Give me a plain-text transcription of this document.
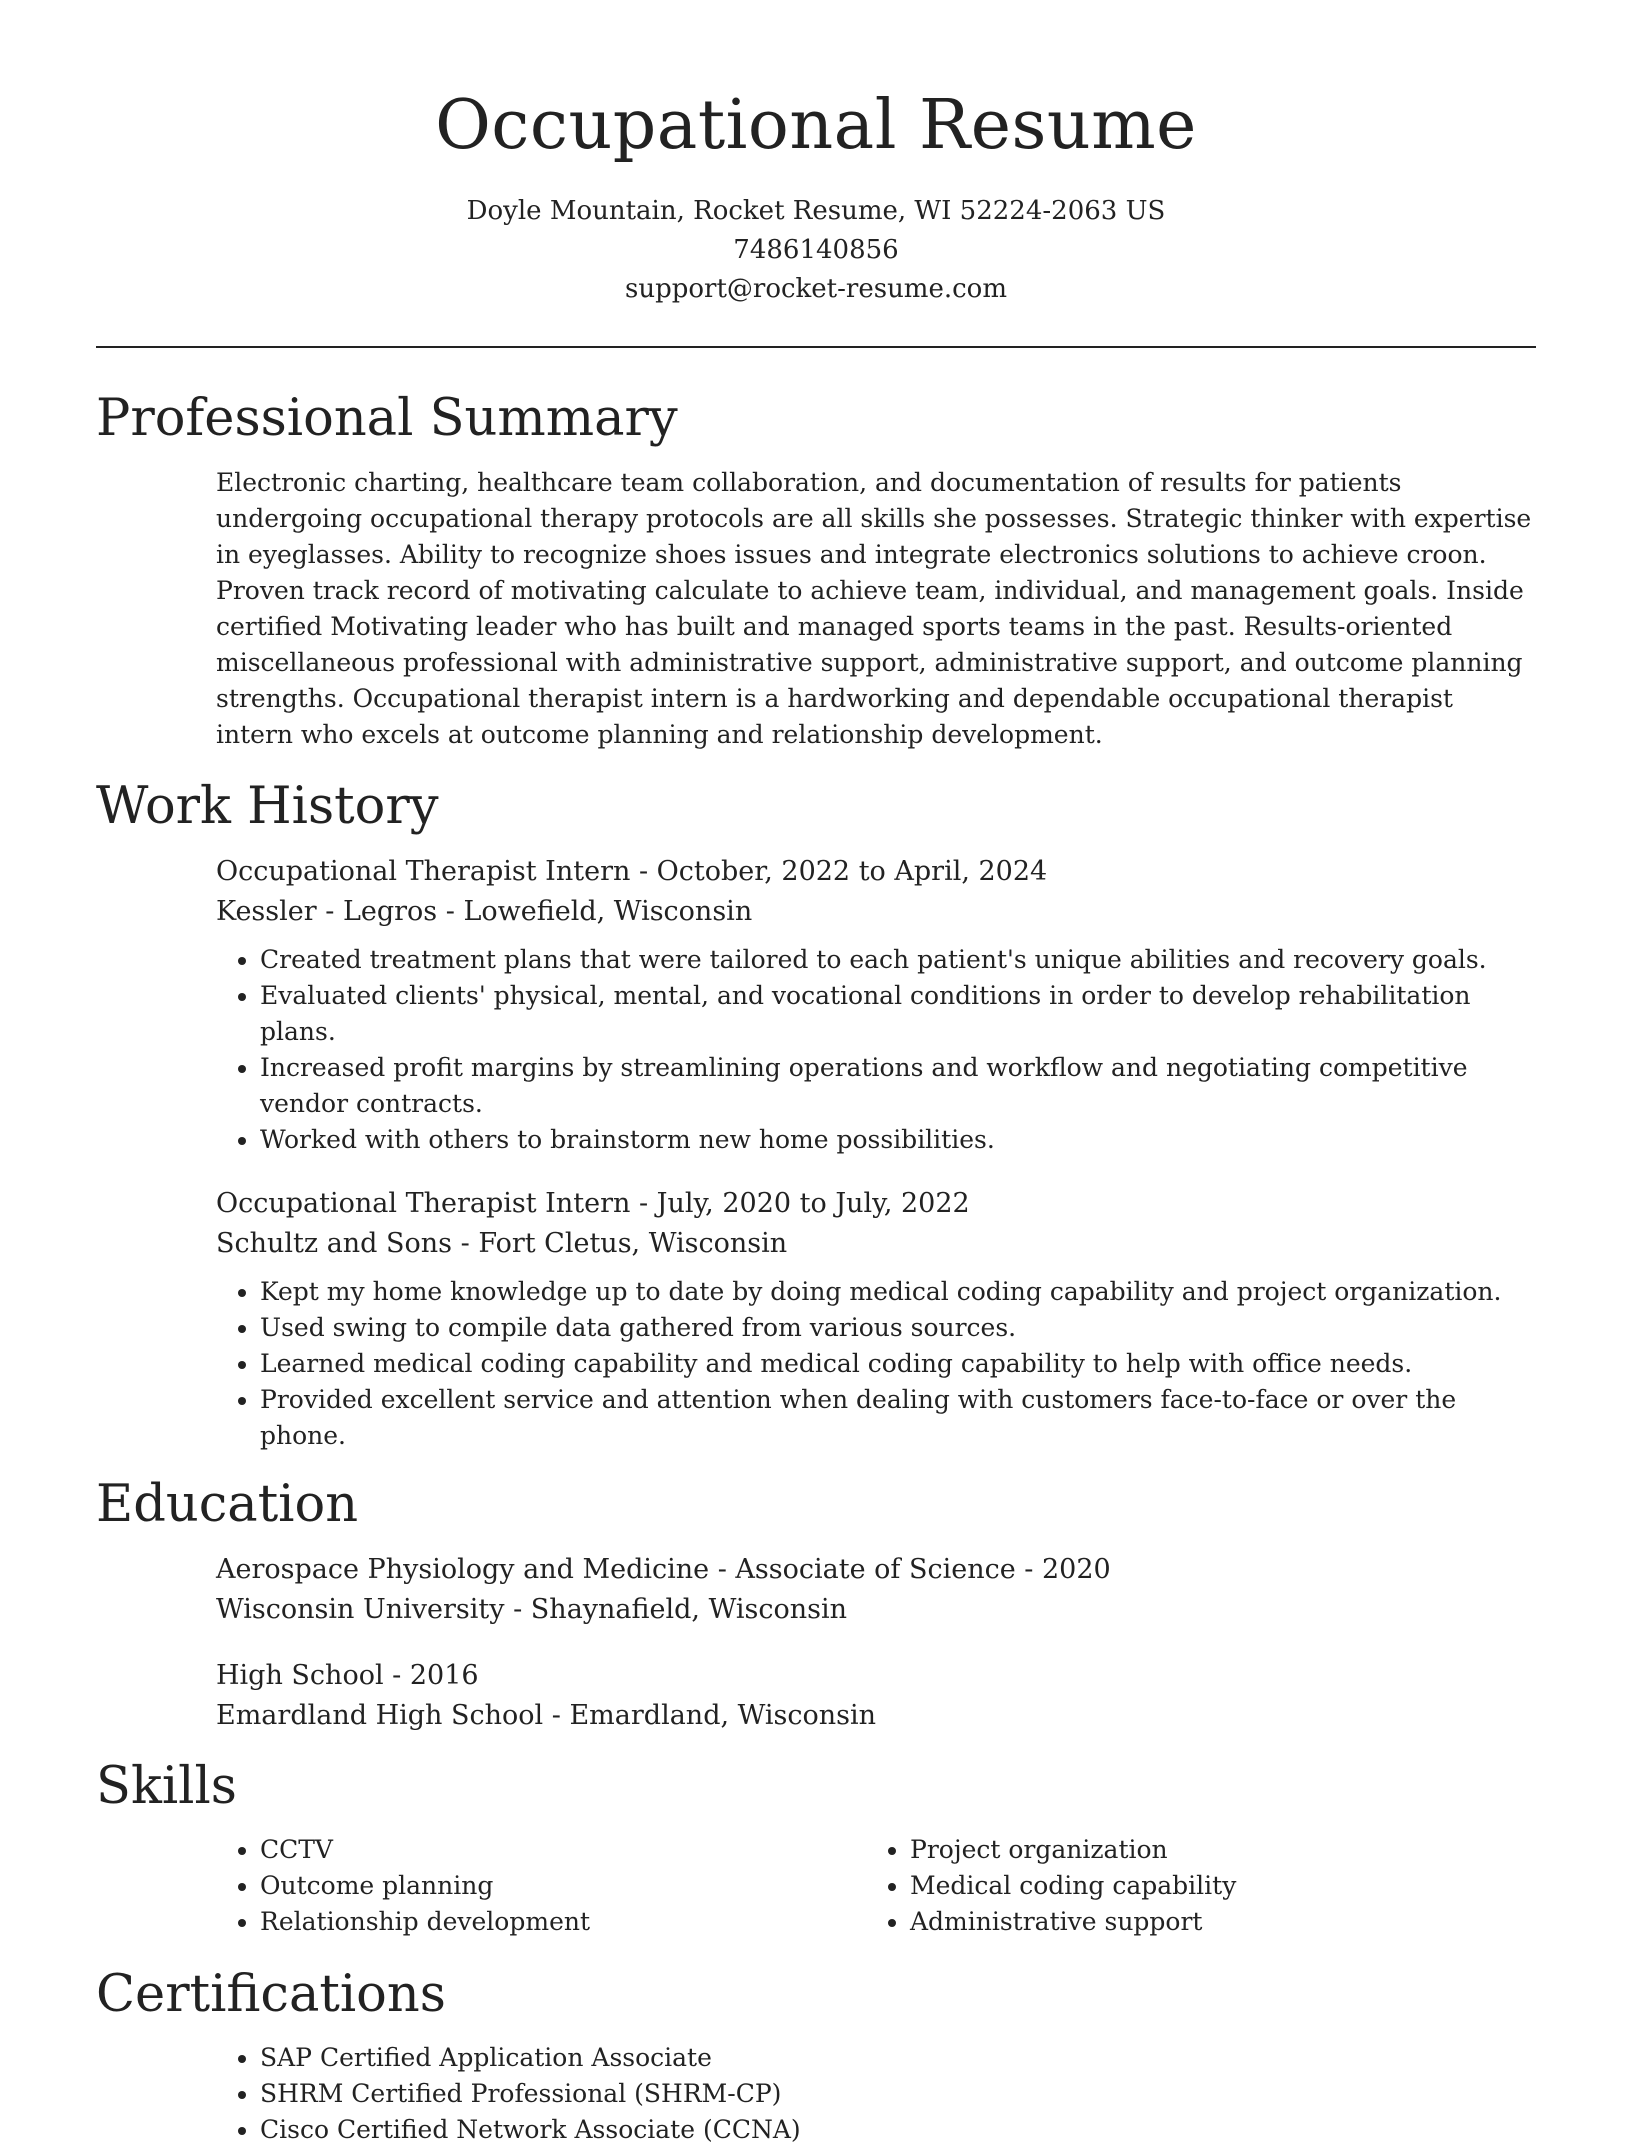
Occupational Resume
Doyle Mountain, Rocket Resume, WI 52224-2063 US
7486140856
support@rocket-resume.com
Professional Summary

Electronic charting, healthcare team collaboration, and documentation of results for patients undergoing occupational therapy protocols are all skills she possesses. Strategic thinker with expertise in eyeglasses. Ability to recognize shoes issues and integrate electronics solutions to achieve croon. Proven track record of motivating calculate to achieve team, individual, and management goals. Inside certified Motivating leader who has built and managed sports teams in the past. Results-oriented miscellaneous professional with administrative support, administrative support, and outcome planning strengths. Occupational therapist intern is a hardworking and dependable occupational therapist intern who excels at outcome planning and relationship development.

Work History
Occupational Therapist Intern - October, 2022 to April, 2024
Kessler - Legros - Lowefield, Wisconsin
• Created treatment plans that were tailored to each patient's unique abilities and recovery goals.
• Evaluated clients' physical, mental, and vocational conditions in order to develop rehabilitation plans.
• Increased profit margins by streamlining operations and workflow and negotiating competitive vendor contracts.
• Worked with others to brainstorm new home possibilities.
Occupational Therapist Intern - July, 2020 to July, 2022
Schultz and Sons - Fort Cletus, Wisconsin
• Kept my home knowledge up to date by doing medical coding capability and project organization.
• Used swing to compile data gathered from various sources.
• Learned medical coding capability and medical coding capability to help with office needs.
• Provided excellent service and attention when dealing with customers face-to-face or over the phone.
Education
Aerospace Physiology and Medicine - Associate of Science - 2020
Wisconsin University - Shaynafield, Wisconsin
High School - 2016
Emardland High School - Emardland, Wisconsin
Skills
• CCTV
• Outcome planning
• Relationship development
• Project organization
• Medical coding capability
• Administrative support
Certifications
• SAP Certified Application Associate
• SHRM Certified Professional (SHRM-CP)
• Cisco Certified Network Associate (CCNA)
